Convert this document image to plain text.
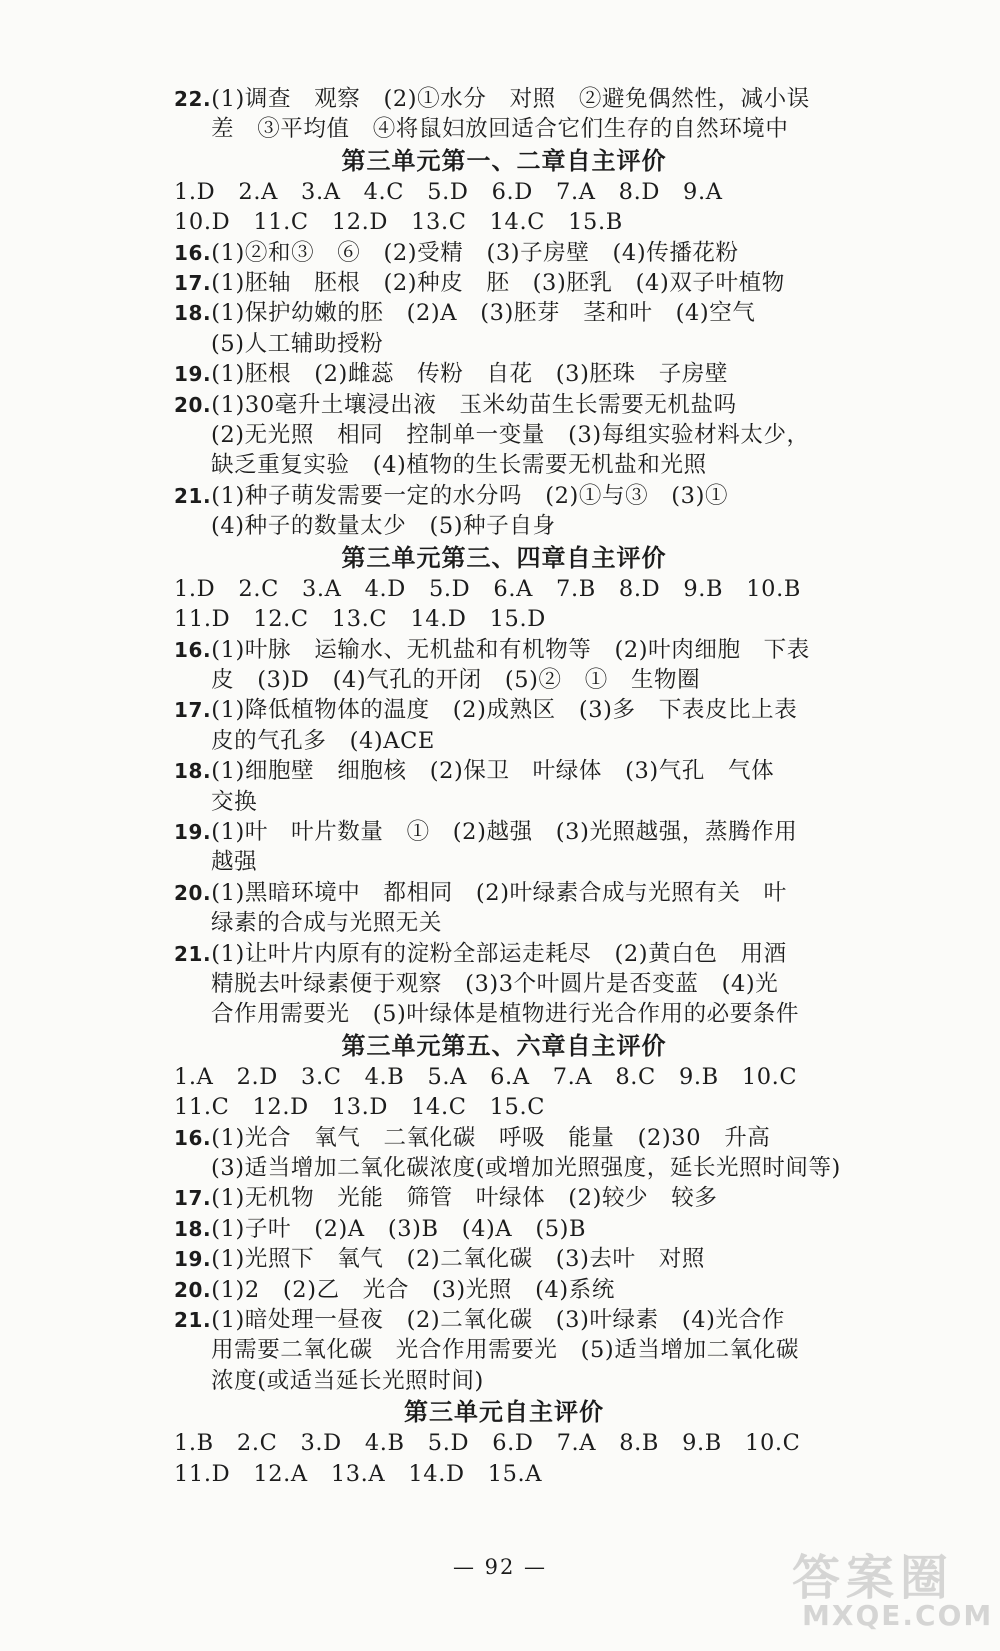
22.(1)调查　观察　(2)①水分　对照　②避免偶然性，减小误
差　③平均值　④将鼠妇放回适合它们生存的自然环境中
第三单元第一、二章自主评价
1.D　2.A　3.A　4.C　5.D　6.D　7.A　8.D　9.A
10.D　11.C　12.D　13.C　14.C　15.B
16.(1)②和③　⑥　(2)受精　(3)子房壁　(4)传播花粉
17.(1)胚轴　胚根　(2)种皮　胚　(3)胚乳　(4)双子叶植物
18.(1)保护幼嫩的胚　(2)A　(3)胚芽　茎和叶　(4)空气
(5)人工辅助授粉
19.(1)胚根　(2)雌蕊　传粉　自花　(3)胚珠　子房壁
20.(1)30毫升土壤浸出液　玉米幼苗生长需要无机盐吗
(2)无光照　相同　控制单一变量　(3)每组实验材料太少，
缺乏重复实验　(4)植物的生长需要无机盐和光照
21.(1)种子萌发需要一定的水分吗　(2)①与③　(3)①
(4)种子的数量太少　(5)种子自身
第三单元第三、四章自主评价
1.D　2.C　3.A　4.D　5.D　6.A　7.B　8.D　9.B　10.B
11.D　12.C　13.C　14.D　15.D
16.(1)叶脉　运输水、无机盐和有机物等　(2)叶肉细胞　下表
皮　(3)D　(4)气孔的开闭　(5)②　①　生物圈
17.(1)降低植物体的温度　(2)成熟区　(3)多　下表皮比上表
皮的气孔多　(4)ACE
18.(1)细胞壁　细胞核　(2)保卫　叶绿体　(3)气孔　气体
交换
19.(1)叶　叶片数量　①　(2)越强　(3)光照越强，蒸腾作用
越强
20.(1)黑暗环境中　都相同　(2)叶绿素合成与光照有关　叶
绿素的合成与光照无关
21.(1)让叶片内原有的淀粉全部运走耗尽　(2)黄白色　用酒
精脱去叶绿素便于观察　(3)3个叶圆片是否变蓝　(4)光
合作用需要光　(5)叶绿体是植物进行光合作用的必要条件
第三单元第五、六章自主评价
1.A　2.D　3.C　4.B　5.A　6.A　7.A　8.C　9.B　10.C
11.C　12.D　13.D　14.C　15.C
16.(1)光合　氧气　二氧化碳　呼吸　能量　(2)30　升高
(3)适当增加二氧化碳浓度(或增加光照强度，延长光照时间等)
17.(1)无机物　光能　筛管　叶绿体　(2)较少　较多
18.(1)子叶　(2)A　(3)B　(4)A　(5)B
19.(1)光照下　氧气　(2)二氧化碳　(3)去叶　对照
20.(1)2　(2)乙　光合　(3)光照　(4)系统
21.(1)暗处理一昼夜　(2)二氧化碳　(3)叶绿素　(4)光合作
用需要二氧化碳　光合作用需要光　(5)适当增加二氧化碳
浓度(或适当延长光照时间)
第三单元自主评价
1.B　2.C　3.D　4.B　5.D　6.D　7.A　8.B　9.B　10.C
11.D　12.A　13.A　14.D　15.A
— 92 —	答案圈
MXQE.COM
